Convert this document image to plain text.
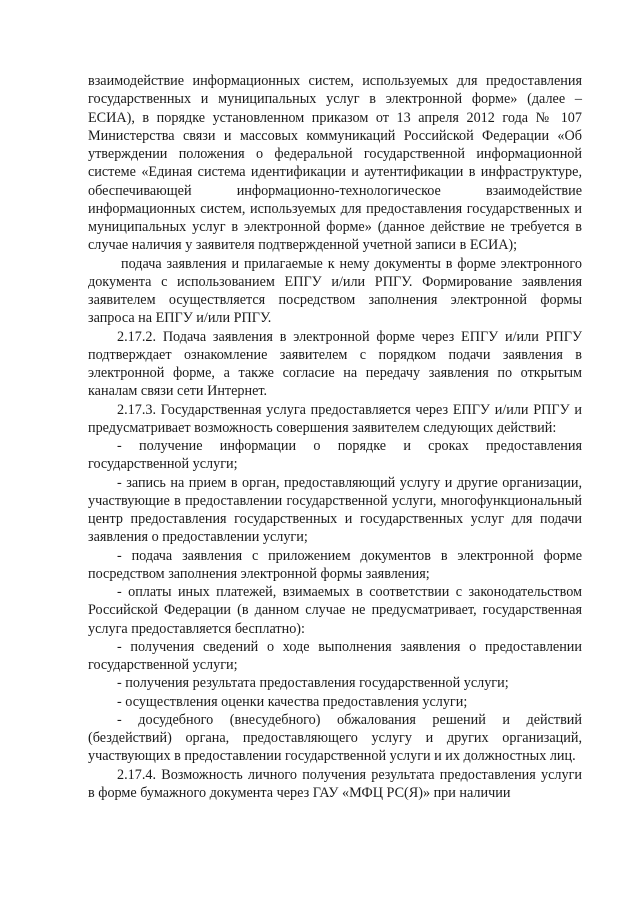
взаимодействие информационных систем, используемых для предоставления государственных и муниципальных услуг в электронной форме» (далее – ЕСИА), в порядке установленном приказом от 13 апреля 2012 года № 107 Министерства связи и массовых коммуникаций Российской Федерации «Об утверждении положения о федеральной государственной информационной системе «Единая система идентификации и аутентификации в инфраструктуре, обеспечивающей информационно-технологическое взаимодействие информационных систем, используемых для предоставления государственных и муниципальных услуг в электронной форме» (данное действие не требуется в случае наличия у заявителя подтвержденной учетной записи в ЕСИА);

подача заявления и прилагаемые к нему документы в форме электронного документа с использованием ЕПГУ и/или РПГУ. Формирование заявления заявителем осуществляется посредством заполнения электронной формы запроса на ЕПГУ и/или РПГУ.

2.17.2. Подача заявления в электронной форме через ЕПГУ и/или РПГУ подтверждает ознакомление заявителем с порядком подачи заявления в электронной форме, а также согласие на передачу заявления по открытым каналам связи сети Интернет.

2.17.3. Государственная услуга предоставляется через ЕПГУ и/или РПГУ и предусматривает возможность совершения заявителем следующих действий:

- получение информации о порядке и сроках предоставления государственной услуги;

- запись на прием в орган, предоставляющий услугу и другие организации, участвующие в предоставлении государственной услуги, многофункциональный центр предоставления государственных и государственных услуг для подачи заявления о предоставлении услуги;

- подача заявления с приложением документов в электронной форме посредством заполнения электронной формы заявления;

- оплаты иных платежей, взимаемых в соответствии с законодательством Российской Федерации (в данном случае не предусматривает, государственная услуга предоставляется бесплатно):

- получения сведений о ходе выполнения заявления о предоставлении государственной услуги;

- получения результата предоставления государственной услуги;

- осуществления оценки качества предоставления услуги;

- досудебного (внесудебного) обжалования решений и действий (бездействий) органа, предоставляющего услугу и других организаций, участвующих в предоставлении государственной услуги и их должностных лиц.

2.17.4. Возможность личного получения результата предоставления услуги в форме бумажного документа через ГАУ «МФЦ РС(Я)» при наличии
